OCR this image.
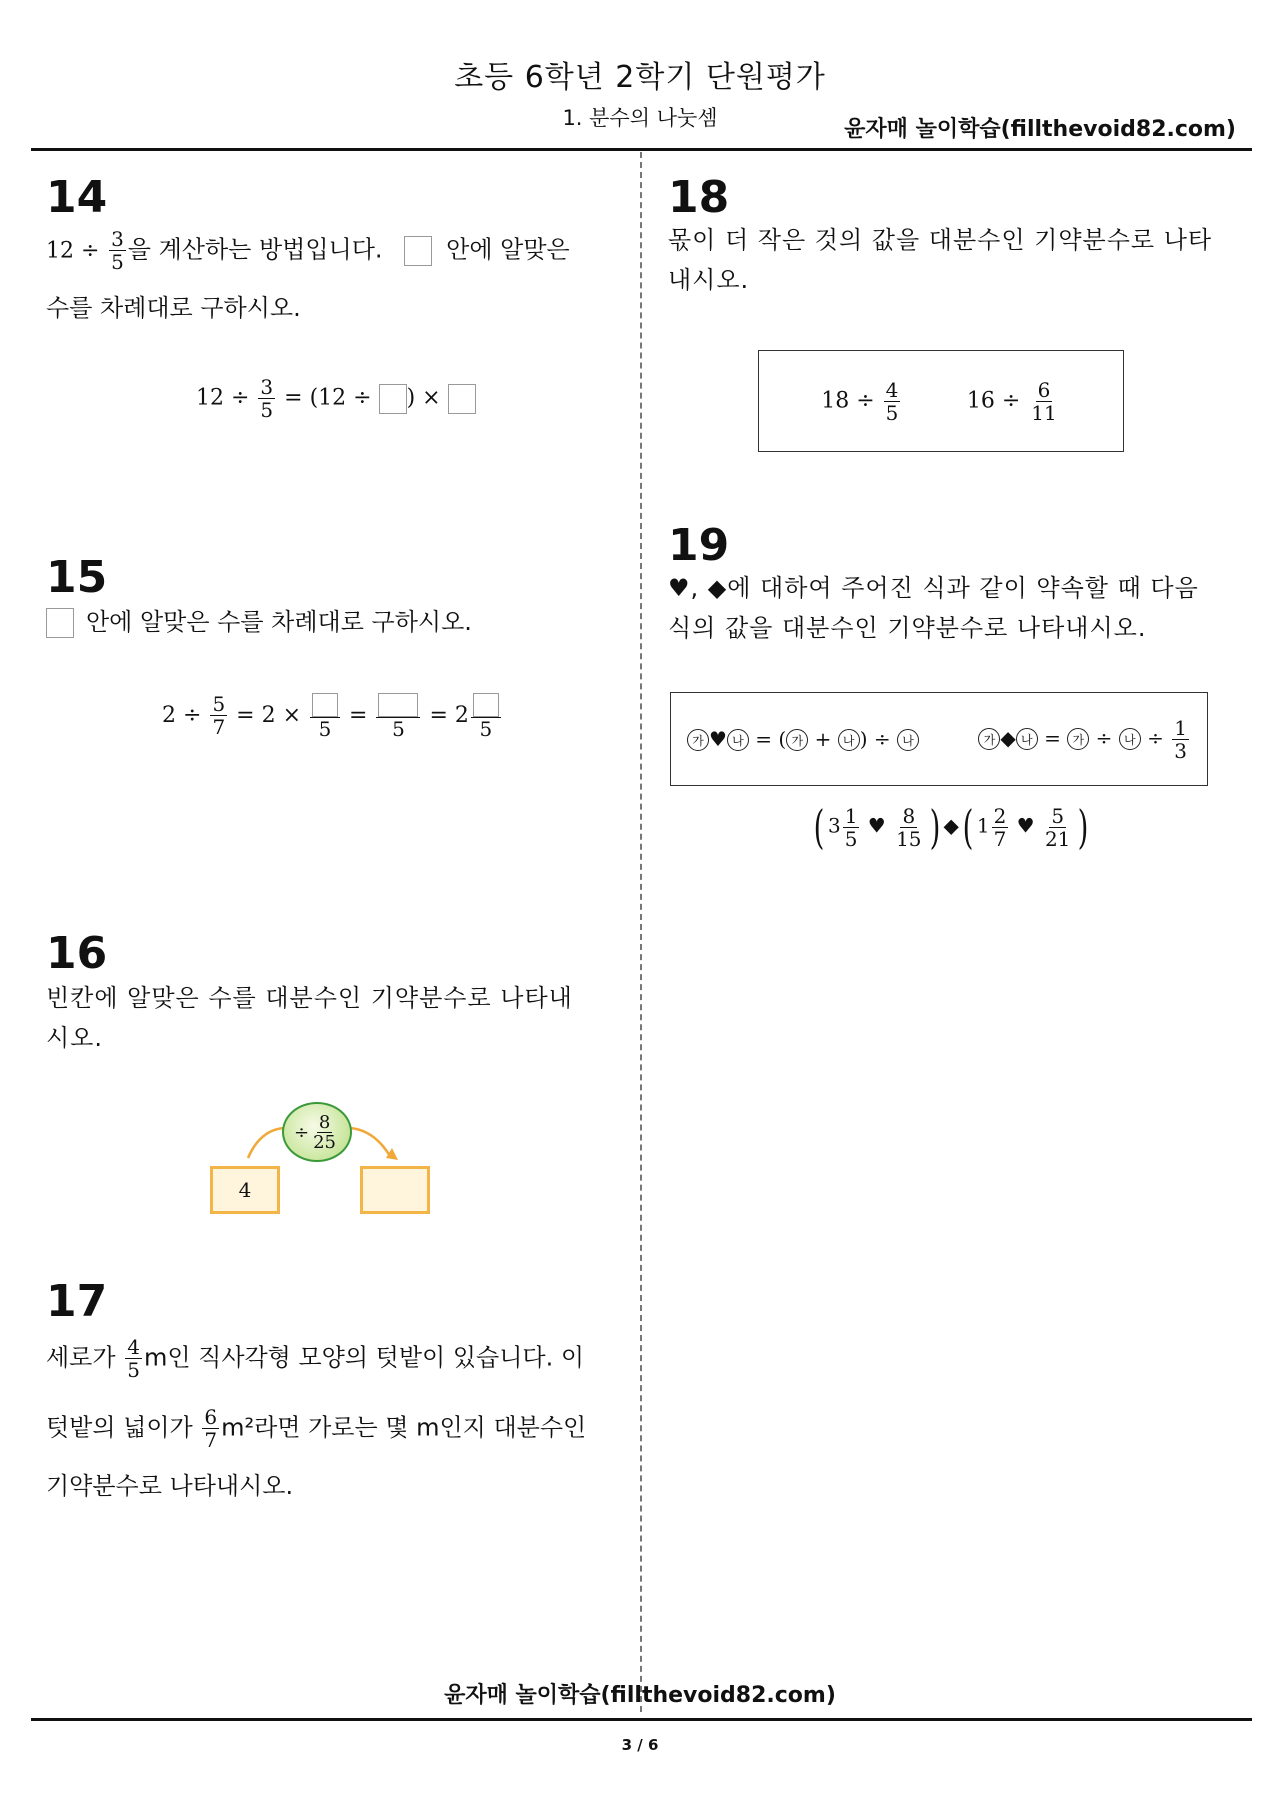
초등 6학년 2학기 단원평가
1. 분수의 나눗셈	윤자매 놀이학습(fillthevoid82.com)
14
$12 \div \frac{3}{5}$ 을 계산하는 방법입니다.	안에 알맞은
수를 차례대로 구하시오.
$12 \div \frac{3}{5} = (12$ ÷ ) ×
15
안에 알맞은 수를 차례대로 구하시오.
$2 \div \frac{5}{7} = 2$ ×
5
=
5
= 2
5
16
빈칸에 알맞은 수를 대분수인 기약분수로 나타내시오.
÷ $\frac{8}{25}$
4
17
세로가 $\frac{4}{5}$ m인 직사각형 모양의 텃밭이 있습니다. 이
텃밭의 넓이가 $\frac{6}{7} m^2$라면 가로는 몇 m인지 대분수인
기약분수로 나타내시오.
18
몫이 더 작은 것의 값을 대분수인 기약분수로 나타내시오.
$18 \div \frac{4}{5}$	$16 \div \frac{6}{11}$
19
♥, ◆에 대하여 주어진 식과 같이 약속할 때 다음 식의 값을 대분수인 기약분수로 나타내시오.
가 ♥ 나 = ( 가 + 나 ) ÷ 나	가 ◆ 나 = 가 ÷ 나 ÷ $\frac{1}{3}$
( $3 \frac{1}{5}$ ♥ $\frac{8}{15}$ ) ◆( $1 \frac{2}{7}$ ♥ $\frac{5}{21}$ )
윤자매 놀이학습(fillthevoid82.com)
3 / 6
